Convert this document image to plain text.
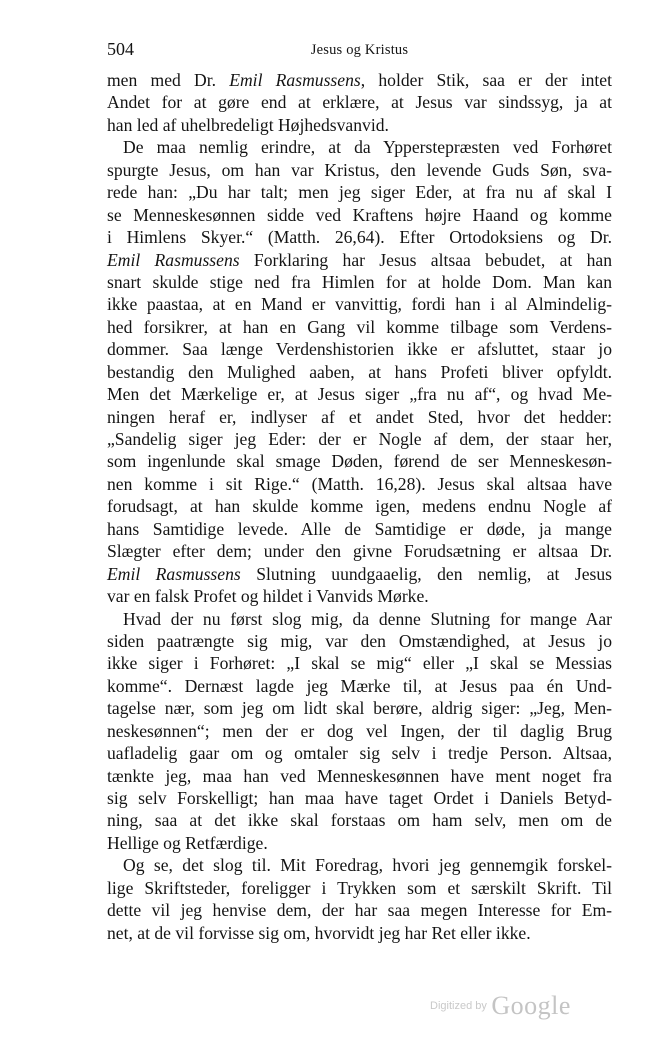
504	Jesus og Kristus
men med Dr. Emil Rasmussens, holder Stik, saa er der intet
Andet for at gøre end at erklære, at Jesus var sindssyg, ja at
han led af uhelbredeligt Højhedsvanvid.
De maa nemlig erindre, at da Ypperstepræsten ved Forhøret
spurgte Jesus, om han var Kristus, den levende Guds Søn, sva-
rede han: „Du har talt; men jeg siger Eder, at fra nu af skal I
se Menneskesønnen sidde ved Kraftens højre Haand og komme
i Himlens Skyer.“ (Matth. 26,64). Efter Ortodoksiens og Dr.
Emil Rasmussens Forklaring har Jesus altsaa bebudet, at han
snart skulde stige ned fra Himlen for at holde Dom. Man kan
ikke paastaa, at en Mand er vanvittig, fordi han i al Almindelig-
hed forsikrer, at han en Gang vil komme tilbage som Verdens-
dommer. Saa længe Verdenshistorien ikke er afsluttet, staar jo
bestandig den Mulighed aaben, at hans Profeti bliver opfyldt.
Men det Mærkelige er, at Jesus siger „fra nu af“, og hvad Me-
ningen heraf er, indlyser af et andet Sted, hvor det hedder:
„Sandelig siger jeg Eder: der er Nogle af dem, der staar her,
som ingenlunde skal smage Døden, førend de ser Menneskesøn-
nen komme i sit Rige.“ (Matth. 16,28). Jesus skal altsaa have
forudsagt, at han skulde komme igen, medens endnu Nogle af
hans Samtidige levede. Alle de Samtidige er døde, ja mange
Slægter efter dem; under den givne Forudsætning er altsaa Dr.
Emil Rasmussens Slutning uundgaaelig, den nemlig, at Jesus
var en falsk Profet og hildet i Vanvids Mørke.
Hvad der nu først slog mig, da denne Slutning for mange Aar
siden paatrængte sig mig, var den Omstændighed, at Jesus jo
ikke siger i Forhøret: „I skal se mig“ eller „I skal se Messias
komme“. Dernæst lagde jeg Mærke til, at Jesus paa én Und-
tagelse nær, som jeg om lidt skal berøre, aldrig siger: „Jeg, Men-
neskesønnen“; men der er dog vel Ingen, der til daglig Brug
uafladelig gaar om og omtaler sig selv i tredje Person. Altsaa,
tænkte jeg, maa han ved Menneskesønnen have ment noget fra
sig selv Forskelligt; han maa have taget Ordet i Daniels Betyd-
ning, saa at det ikke skal forstaas om ham selv, men om de
Hellige og Retfærdige.
Og se, det slog til. Mit Foredrag, hvori jeg gennemgik forskel-
lige Skriftsteder, foreligger i Trykken som et særskilt Skrift. Til
dette vil jeg henvise dem, der har saa megen Interesse for Em-
net, at de vil forvisse sig om, hvorvidt jeg har Ret eller ikke.
Digitized by Google
